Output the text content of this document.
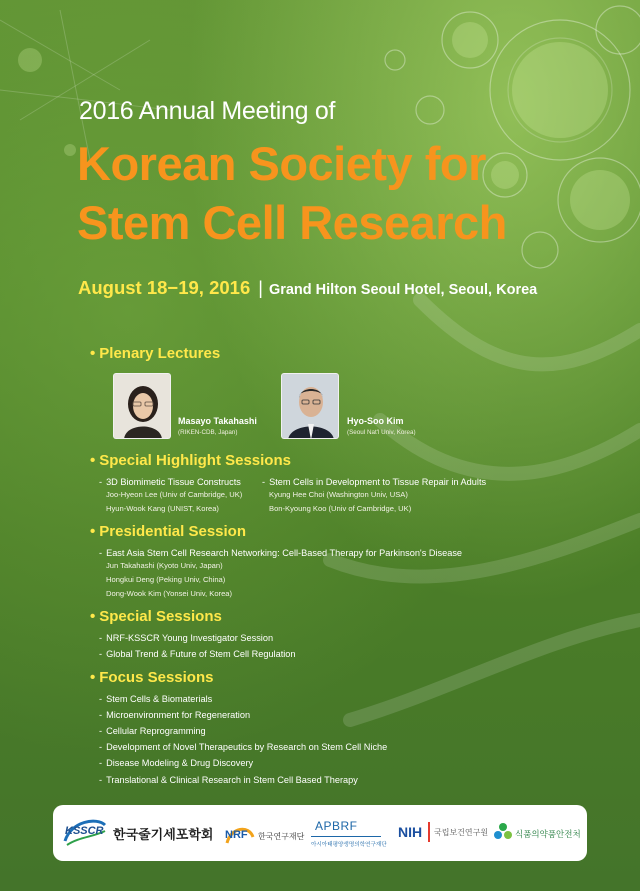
2016 Annual Meeting of
Korean Society for
Stem Cell Research
August 18−19, 2016 | Grand Hilton Seoul Hotel, Seoul, Korea
• Plenary Lectures
Masayo Takahashi
(RIKEN-CDB, Japan)
Hyo-Soo Kim
(Seoul Nat'l Univ, Korea)
• Special Highlight Sessions
- 3D Biomimetic Tissue Constructs
Joo-Hyeon Lee (Univ of Cambridge, UK)
Hyun-Wook Kang (UNIST, Korea)
- Stem Cells in Development to Tissue Repair in Adults
Kyung Hee Choi (Washington Univ, USA)
Bon-Kyoung Koo (Univ of Cambridge, UK)
• Presidential Session
- East Asia Stem Cell Research Networking: Cell-Based Therapy for Parkinson's Disease
Jun Takahashi (Kyoto Univ, Japan)
Hongkui Deng (Peking Univ, China)
Dong-Wook Kim (Yonsei Univ, Korea)
• Special Sessions
- NRF-KSSCR Young Investigator Session
- Global Trend & Future of Stem Cell Regulation
• Focus Sessions
- Stem Cells & Biomaterials
- Microenvironment for Regeneration
- Cellular Reprogramming
- Development of Novel Therapeutics by Research on Stem Cell Niche
- Disease Modeling & Drug Discovery
- Translational & Clinical Research in Stem Cell Based Therapy
KSSCR 한국줄기세포학회 NRF 한국연구재단
APBRF
아시아태평양생명의학연구재단
NIH 국립보건연구원	식품의약품안전처
